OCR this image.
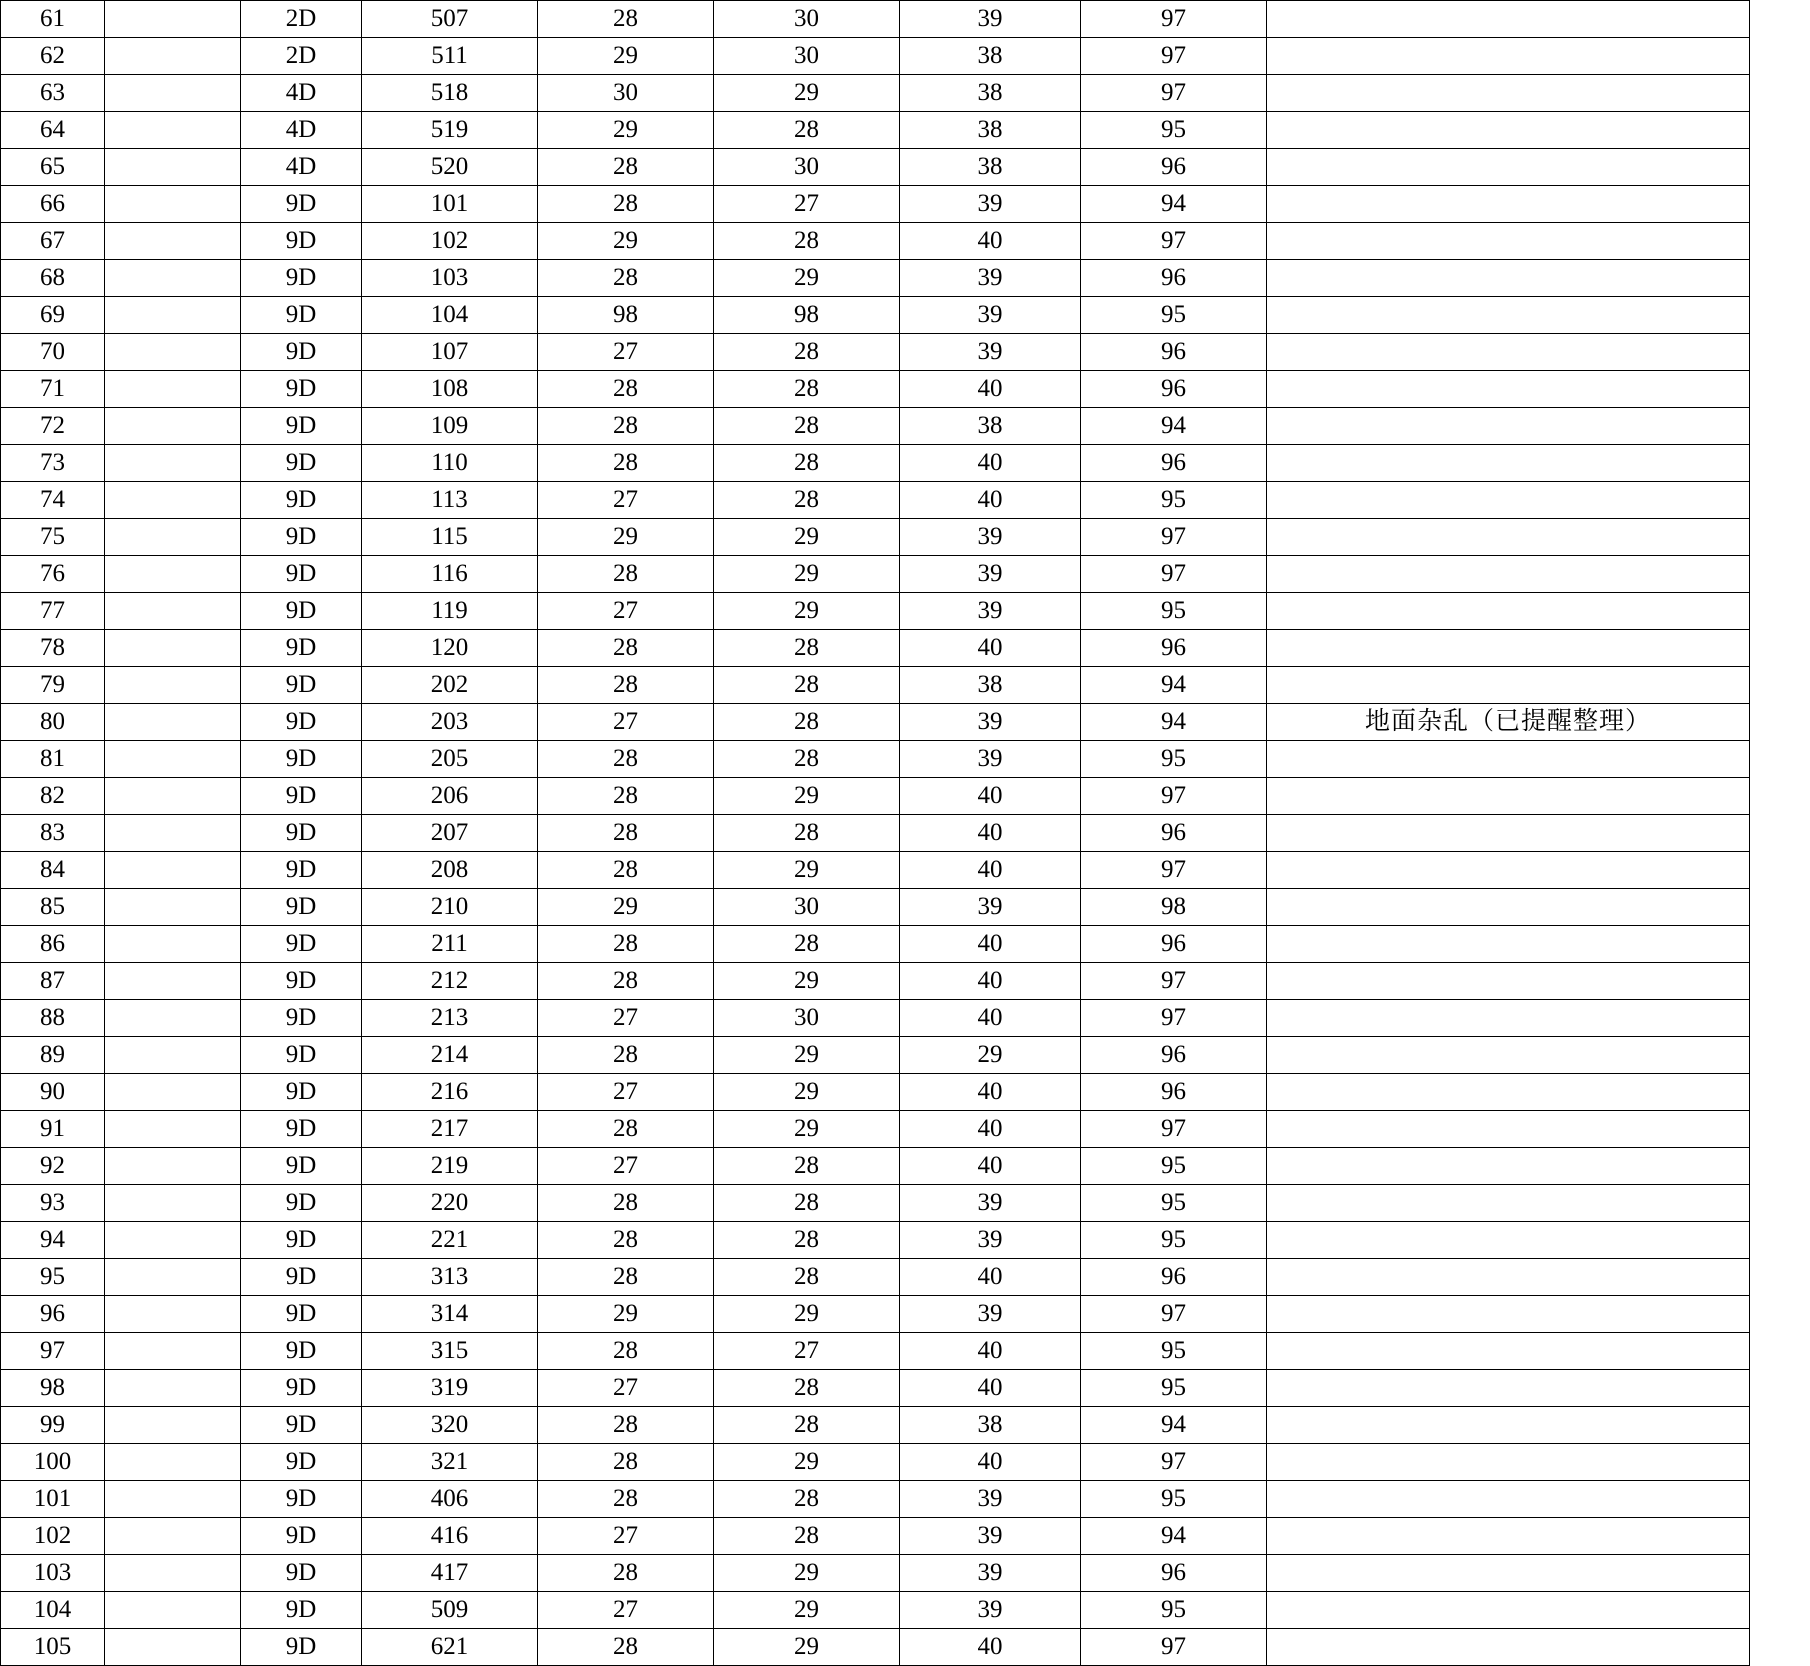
61		2D	507	28	30	39	97	
62		2D	511	29	30	38	97	
63		4D	518	30	29	38	97	
64		4D	519	29	28	38	95	
65		4D	520	28	30	38	96	
66		9D	101	28	27	39	94	
67		9D	102	29	28	40	97	
68		9D	103	28	29	39	96	
69		9D	104	98	98	39	95	
70		9D	107	27	28	39	96	
71		9D	108	28	28	40	96	
72		9D	109	28	28	38	94	
73		9D	110	28	28	40	96	
74		9D	113	27	28	40	95	
75		9D	115	29	29	39	97	
76		9D	116	28	29	39	97	
77		9D	119	27	29	39	95	
78		9D	120	28	28	40	96	
79		9D	202	28	28	38	94	
80		9D	203	27	28	39	94	地面杂乱（已提醒整理）
81		9D	205	28	28	39	95	
82		9D	206	28	29	40	97	
83		9D	207	28	28	40	96	
84		9D	208	28	29	40	97	
85		9D	210	29	30	39	98	
86		9D	211	28	28	40	96	
87		9D	212	28	29	40	97	
88		9D	213	27	30	40	97	
89		9D	214	28	29	29	96	
90		9D	216	27	29	40	96	
91		9D	217	28	29	40	97	
92		9D	219	27	28	40	95	
93		9D	220	28	28	39	95	
94		9D	221	28	28	39	95	
95		9D	313	28	28	40	96	
96		9D	314	29	29	39	97	
97		9D	315	28	27	40	95	
98		9D	319	27	28	40	95	
99		9D	320	28	28	38	94	
100		9D	321	28	29	40	97	
101		9D	406	28	28	39	95	
102		9D	416	27	28	39	94	
103		9D	417	28	29	39	96	
104		9D	509	27	29	39	95	
105		9D	621	28	29	40	97	
